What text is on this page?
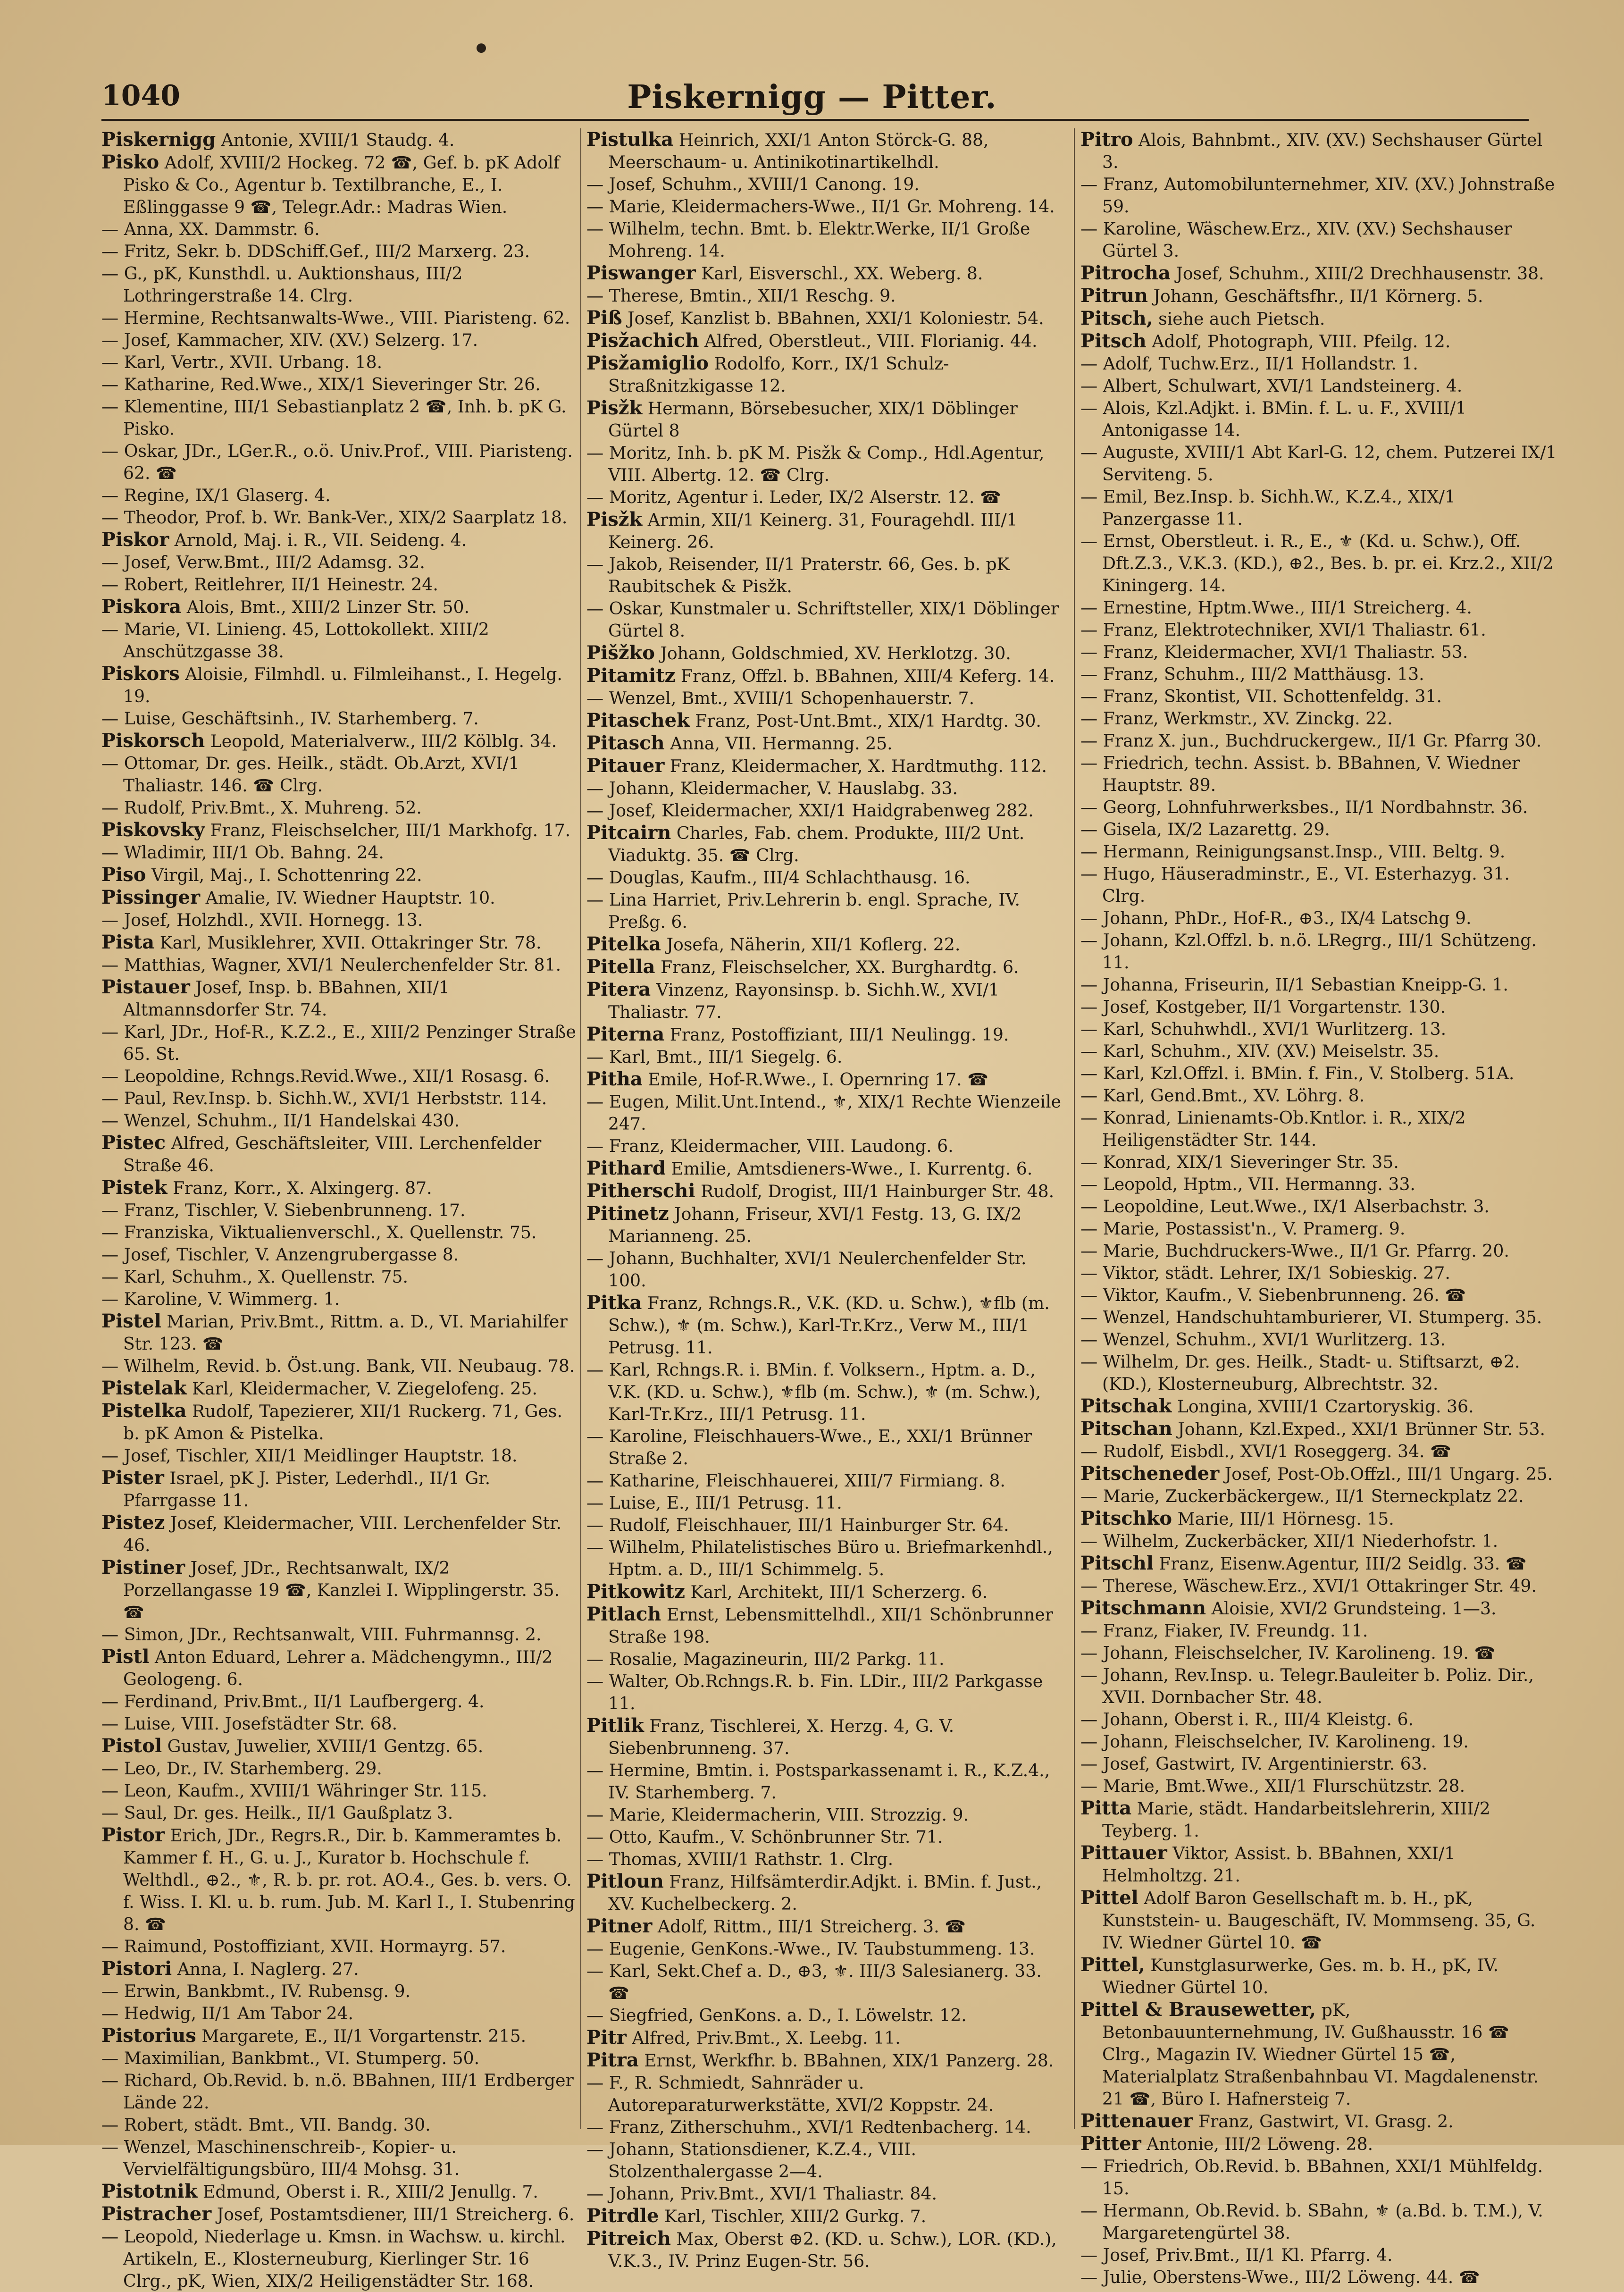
1040	Piskernigg — Pitter.

Piskernigg Antonie, XVIII/1 Staudg. 4.

Pisko Adolf, XVIII/2 Hockeg. 72 ☎, Gef. b. pK Adolf Pisko & Co., Agentur b. Textilbranche, E., I. Eßlinggasse 9 ☎, Telegr.Adr.: Madras Wien.

— Anna, XX. Dammstr. 6.

— Fritz, Sekr. b. DDSchiff.Gef., III/2 Marxerg. 23.

— G., pK, Kunsthdl. u. Auktionshaus, III/2 Lothringerstraße 14. Clrg.

— Hermine, Rechtsanwalts-Wwe., VIII. Piaristeng. 62.

— Josef, Kammacher, XIV. (XV.) Selzerg. 17.

— Karl, Vertr., XVII. Urbang. 18.

— Katharine, Red.Wwe., XIX/1 Sieveringer Str. 26.

— Klementine, III/1 Sebastianplatz 2 ☎, Inh. b. pK G. Pisko.

— Oskar, JDr., LGer.R., o.ö. Univ.Prof., VIII. Piaristeng. 62. ☎

— Regine, IX/1 Glaserg. 4.

— Theodor, Prof. b. Wr. Bank-Ver., XIX/2 Saarplatz 18.

Piskor Arnold, Maj. i. R., VII. Seideng. 4.

— Josef, Verw.Bmt., III/2 Adamsg. 32.

— Robert, Reitlehrer, II/1 Heinestr. 24.

Piskora Alois, Bmt., XIII/2 Linzer Str. 50.

— Marie, VI. Linieng. 45, Lottokollekt. XIII/2 Anschützgasse 38.

Piskors Aloisie, Filmhdl. u. Filmleihanst., I. Hegelg. 19.

— Luise, Geschäftsinh., IV. Starhemberg. 7.

Piskorsch Leopold, Materialverw., III/2 Kölblg. 34.

— Ottomar, Dr. ges. Heilk., städt. Ob.Arzt, XVI/1 Thaliastr. 146. ☎ Clrg.

— Rudolf, Priv.Bmt., X. Muhreng. 52.

Piskovsky Franz, Fleischselcher, III/1 Markhofg. 17.

— Wladimir, III/1 Ob. Bahng. 24.

Piso Virgil, Maj., I. Schottenring 22.

Pissinger Amalie, IV. Wiedner Hauptstr. 10.

— Josef, Holzhdl., XVII. Hornegg. 13.

Pista Karl, Musiklehrer, XVII. Ottakringer Str. 78.

— Matthias, Wagner, XVI/1 Neulerchenfelder Str. 81.

Pistauer Josef, Insp. b. BBahnen, XII/1 Altmannsdorfer Str. 74.

— Karl, JDr., Hof-R., K.Z.2., E., XIII/2 Penzinger Straße 65. St.

— Leopoldine, Rchngs.Revid.Wwe., XII/1 Rosasg. 6.

— Paul, Rev.Insp. b. Sichh.W., XVI/1 Herbststr. 114.

— Wenzel, Schuhm., II/1 Handelskai 430.

Pistec Alfred, Geschäftsleiter, VIII. Lerchenfelder Straße 46.

Pistek Franz, Korr., X. Alxingerg. 87.

— Franz, Tischler, V. Siebenbrunneng. 17.

— Franziska, Viktualienverschl., X. Quellenstr. 75.

— Josef, Tischler, V. Anzengrubergasse 8.

— Karl, Schuhm., X. Quellenstr. 75.

— Karoline, V. Wimmerg. 1.

Pistel Marian, Priv.Bmt., Rittm. a. D., VI. Mariahilfer Str. 123. ☎

— Wilhelm, Revid. b. Öst.ung. Bank, VII. Neubaug. 78.

Pistelak Karl, Kleidermacher, V. Ziegelofeng. 25.

Pistelka Rudolf, Tapezierer, XII/1 Ruckerg. 71, Ges. b. pK Amon & Pistelka.

— Josef, Tischler, XII/1 Meidlinger Hauptstr. 18.

Pister Israel, pK J. Pister, Lederhdl., II/1 Gr. Pfarrgasse 11.

Pistez Josef, Kleidermacher, VIII. Lerchenfelder Str. 46.

Pistiner Josef, JDr., Rechtsanwalt, IX/2 Porzellangasse 19 ☎, Kanzlei I. Wipplingerstr. 35. ☎

— Simon, JDr., Rechtsanwalt, VIII. Fuhrmannsg. 2.

Pistl Anton Eduard, Lehrer a. Mädchengymn., III/2 Geologeng. 6.

— Ferdinand, Priv.Bmt., II/1 Laufbergerg. 4.

— Luise, VIII. Josefstädter Str. 68.

Pistol Gustav, Juwelier, XVIII/1 Gentzg. 65.

— Leo, Dr., IV. Starhemberg. 29.

— Leon, Kaufm., XVIII/1 Währinger Str. 115.

— Saul, Dr. ges. Heilk., II/1 Gaußplatz 3.

Pistor Erich, JDr., Regrs.R., Dir. b. Kammeramtes b. Kammer f. H., G. u. J., Kurator b. Hochschule f. Welthdl., ⊕2., ⚜, R. b. pr. rot. AO.4., Ges. b. vers. O. f. Wiss. I. Kl. u. b. rum. Jub. M. Karl I., I. Stubenring 8. ☎

— Raimund, Postoffiziant, XVII. Hormayrg. 57.

Pistori Anna, I. Naglerg. 27.

— Erwin, Bankbmt., IV. Rubensg. 9.

— Hedwig, II/1 Am Tabor 24.

Pistorius Margarete, E., II/1 Vorgartenstr. 215.

— Maximilian, Bankbmt., VI. Stumperg. 50.

— Richard, Ob.Revid. b. n.ö. BBahnen, III/1 Erdberger Lände 22.

— Robert, städt. Bmt., VII. Bandg. 30.

— Wenzel, Maschinenschreib-, Kopier- u. Vervielfältigungsbüro, III/4 Mohsg. 31.

Pistotnik Edmund, Oberst i. R., XIII/2 Jenullg. 7.

Pistracher Josef, Postamtsdiener, III/1 Streicherg. 6.

— Leopold, Niederlage u. Kmsn. in Wachsw. u. kirchl. Artikeln, E., Klosterneuburg, Kierlinger Str. 16 Clrg., pK, Wien, XIX/2 Heiligenstädter Str. 168.

Pistulka Heinrich, XXI/1 Anton Störck-G. 88, Meerschaum- u. Antinikotinartikelhdl.

— Josef, Schuhm., XVIII/1 Canong. 19.

— Marie, Kleidermachers-Wwe., II/1 Gr. Mohreng. 14.

— Wilhelm, techn. Bmt. b. Elektr.Werke, II/1 Große Mohreng. 14.

Piswanger Karl, Eisverschl., XX. Weberg. 8.

— Therese, Bmtin., XII/1 Reschg. 9.

Piß Josef, Kanzlist b. BBahnen, XXI/1 Koloniestr. 54.

Pisžachich Alfred, Oberstleut., VIII. Florianig. 44.

Pisžamiglio Rodolfo, Korr., IX/1 Schulz-Straßnitzkigasse 12.

Pisžk Hermann, Börsebesucher, XIX/1 Döblinger Gürtel 8

— Moritz, Inh. b. pK M. Pisžk & Comp., Hdl.Agentur, VIII. Albertg. 12. ☎ Clrg.

— Moritz, Agentur i. Leder, IX/2 Alserstr. 12. ☎

Pisžk Armin, XII/1 Keinerg. 31, Fouragehdl. III/1 Keinerg. 26.

— Jakob, Reisender, II/1 Praterstr. 66, Ges. b. pK Raubitschek & Pisžk.

— Oskar, Kunstmaler u. Schriftsteller, XIX/1 Döblinger Gürtel 8.

Pišžko Johann, Goldschmied, XV. Herklotzg. 30.

Pitamitz Franz, Offzl. b. BBahnen, XIII/4 Keferg. 14.

— Wenzel, Bmt., XVIII/1 Schopenhauerstr. 7.

Pitaschek Franz, Post-Unt.Bmt., XIX/1 Hardtg. 30.

Pitasch Anna, VII. Hermanng. 25.

Pitauer Franz, Kleidermacher, X. Hardtmuthg. 112.

— Johann, Kleidermacher, V. Hauslabg. 33.

— Josef, Kleidermacher, XXI/1 Haidgrabenweg 282.

Pitcairn Charles, Fab. chem. Produkte, III/2 Unt. Viaduktg. 35. ☎ Clrg.

— Douglas, Kaufm., III/4 Schlachthausg. 16.

— Lina Harriet, Priv.Lehrerin b. engl. Sprache, IV. Preßg. 6.

Pitelka Josefa, Näherin, XII/1 Koflerg. 22.

Pitella Franz, Fleischselcher, XX. Burghardtg. 6.

Pitera Vinzenz, Rayonsinsp. b. Sichh.W., XVI/1 Thaliastr. 77.

Piterna Franz, Postoffiziant, III/1 Neulingg. 19.

— Karl, Bmt., III/1 Siegelg. 6.

Pitha Emile, Hof-R.Wwe., I. Opernring 17. ☎

— Eugen, Milit.Unt.Intend., ⚜, XIX/1 Rechte Wienzeile 247.

— Franz, Kleidermacher, VIII. Laudong. 6.

Pithard Emilie, Amtsdieners-Wwe., I. Kurrentg. 6.

Pitherschi Rudolf, Drogist, III/1 Hainburger Str. 48.

Pitinetz Johann, Friseur, XVI/1 Festg. 13, G. IX/2 Marianneng. 25.

— Johann, Buchhalter, XVI/1 Neulerchenfelder Str. 100.

Pitka Franz, Rchngs.R., V.K. (KD. u. Schw.), ⚜flb (m. Schw.), ⚜ (m. Schw.), Karl-Tr.Krz., Verw M., III/1 Petrusg. 11.

— Karl, Rchngs.R. i. BMin. f. Volksern., Hptm. a. D., V.K. (KD. u. Schw.), ⚜flb (m. Schw.), ⚜ (m. Schw.), Karl-Tr.Krz., III/1 Petrusg. 11.

— Karoline, Fleischhauers-Wwe., E., XXI/1 Brünner Straße 2.

— Katharine, Fleischhauerei, XIII/7 Firmiang. 8.

— Luise, E., III/1 Petrusg. 11.

— Rudolf, Fleischhauer, III/1 Hainburger Str. 64.

— Wilhelm, Philatelistisches Büro u. Briefmarkenhdl., Hptm. a. D., III/1 Schimmelg. 5.

Pitkowitz Karl, Architekt, III/1 Scherzerg. 6.

Pitlach Ernst, Lebensmittelhdl., XII/1 Schönbrunner Straße 198.

— Rosalie, Magazineurin, III/2 Parkg. 11.

— Walter, Ob.Rchngs.R. b. Fin. LDir., III/2 Parkgasse 11.

Pitlik Franz, Tischlerei, X. Herzg. 4, G. V. Siebenbrunneng. 37.

— Hermine, Bmtin. i. Postsparkassenamt i. R., K.Z.4., IV. Starhemberg. 7.

— Marie, Kleidermacherin, VIII. Strozzig. 9.

— Otto, Kaufm., V. Schönbrunner Str. 71.

— Thomas, XVIII/1 Rathstr. 1. Clrg.

Pitloun Franz, Hilfsämterdir.Adjkt. i. BMin. f. Just., XV. Kuchelbeckerg. 2.

Pitner Adolf, Rittm., III/1 Streicherg. 3. ☎

— Eugenie, GenKons.-Wwe., IV. Taubstummeng. 13.

— Karl, Sekt.Chef a. D., ⊕3, ⚜. III/3 Salesianerg. 33. ☎

— Siegfried, GenKons. a. D., I. Löwelstr. 12.

Pitr Alfred, Priv.Bmt., X. Leebg. 11.

Pitra Ernst, Werkfhr. b. BBahnen, XIX/1 Panzerg. 28.

— F., R. Schmiedt, Sahnräder u. Autoreparaturwerkstätte, XVI/2 Koppstr. 24.

— Franz, Zitherschuhm., XVI/1 Redtenbacherg. 14.

— Johann, Stationsdiener, K.Z.4., VIII. Stolzenthalergasse 2—4.

— Johann, Priv.Bmt., XVI/1 Thaliastr. 84.

Pitrdle Karl, Tischler, XIII/2 Gurkg. 7.

Pitreich Max, Oberst ⊕2. (KD. u. Schw.), LOR. (KD.), V.K.3., IV. Prinz Eugen-Str. 56.

Pitro Alois, Bahnbmt., XIV. (XV.) Sechshauser Gürtel 3.

— Franz, Automobilunternehmer, XIV. (XV.) Johnstraße 59.

— Karoline, Wäschew.Erz., XIV. (XV.) Sechshauser Gürtel 3.

Pitrocha Josef, Schuhm., XIII/2 Drechhausenstr. 38.

Pitrun Johann, Geschäftsfhr., II/1 Körnerg. 5.

Pitsch, siehe auch Pietsch.

Pitsch Adolf, Photograph, VIII. Pfeilg. 12.

— Adolf, Tuchw.Erz., II/1 Hollandstr. 1.

— Albert, Schulwart, XVI/1 Landsteinerg. 4.

— Alois, Kzl.Adjkt. i. BMin. f. L. u. F., XVIII/1 Antonigasse 14.

— Auguste, XVIII/1 Abt Karl-G. 12, chem. Putzerei IX/1 Serviteng. 5.

— Emil, Bez.Insp. b. Sichh.W., K.Z.4., XIX/1 Panzergasse 11.

— Ernst, Oberstleut. i. R., E., ⚜ (Kd. u. Schw.), Off. Dft.Z.3., V.K.3. (KD.), ⊕2., Bes. b. pr. ei. Krz.2., XII/2 Kiningerg. 14.

— Ernestine, Hptm.Wwe., III/1 Streicherg. 4.

— Franz, Elektrotechniker, XVI/1 Thaliastr. 61.

— Franz, Kleidermacher, XVI/1 Thaliastr. 53.

— Franz, Schuhm., III/2 Matthäusg. 13.

— Franz, Skontist, VII. Schottenfeldg. 31.

— Franz, Werkmstr., XV. Zinckg. 22.

— Franz X. jun., Buchdruckergew., II/1 Gr. Pfarrg 30.

— Friedrich, techn. Assist. b. BBahnen, V. Wiedner Hauptstr. 89.

— Georg, Lohnfuhrwerksbes., II/1 Nordbahnstr. 36.

— Gisela, IX/2 Lazarettg. 29.

— Hermann, Reinigungsanst.Insp., VIII. Beltg. 9.

— Hugo, Häuseradminstr., E., VI. Esterhazyg. 31. Clrg.

— Johann, PhDr., Hof-R., ⊕3., IX/4 Latschg 9.

— Johann, Kzl.Offzl. b. n.ö. LRegrg., III/1 Schützeng. 11.

— Johanna, Friseurin, II/1 Sebastian Kneipp-G. 1.

— Josef, Kostgeber, II/1 Vorgartenstr. 130.

— Karl, Schuhwhdl., XVI/1 Wurlitzerg. 13.

— Karl, Schuhm., XIV. (XV.) Meiselstr. 35.

— Karl, Kzl.Offzl. i. BMin. f. Fin., V. Stolberg. 51A.

— Karl, Gend.Bmt., XV. Löhrg. 8.

— Konrad, Linienamts-Ob.Kntlor. i. R., XIX/2 Heiligenstädter Str. 144.

— Konrad, XIX/1 Sieveringer Str. 35.

— Leopold, Hptm., VII. Hermanng. 33.

— Leopoldine, Leut.Wwe., IX/1 Alserbachstr. 3.

— Marie, Postassist'n., V. Pramerg. 9.

— Marie, Buchdruckers-Wwe., II/1 Gr. Pfarrg. 20.

— Viktor, städt. Lehrer, IX/1 Sobieskig. 27.

— Viktor, Kaufm., V. Siebenbrunneng. 26. ☎

— Wenzel, Handschuhtamburierer, VI. Stumperg. 35.

— Wenzel, Schuhm., XVI/1 Wurlitzerg. 13.

— Wilhelm, Dr. ges. Heilk., Stadt- u. Stiftsarzt, ⊕2. (KD.), Klosterneuburg, Albrechtstr. 32.

Pitschak Longina, XVIII/1 Czartoryskig. 36.

Pitschan Johann, Kzl.Exped., XXI/1 Brünner Str. 53.

— Rudolf, Eisbdl., XVI/1 Roseggerg. 34. ☎

Pitscheneder Josef, Post-Ob.Offzl., III/1 Ungarg. 25.

— Marie, Zuckerbäckergew., II/1 Sterneckplatz 22.

Pitschko Marie, III/1 Hörnesg. 15.

— Wilhelm, Zuckerbäcker, XII/1 Niederhofstr. 1.

Pitschl Franz, Eisenw.Agentur, III/2 Seidlg. 33. ☎

— Therese, Wäschew.Erz., XVI/1 Ottakringer Str. 49.

Pitschmann Aloisie, XVI/2 Grundsteing. 1—3.

— Franz, Fiaker, IV. Freundg. 11.

— Johann, Fleischselcher, IV. Karolineng. 19. ☎

— Johann, Rev.Insp. u. Telegr.Bauleiter b. Poliz. Dir., XVII. Dornbacher Str. 48.

— Johann, Oberst i. R., III/4 Kleistg. 6.

— Johann, Fleischselcher, IV. Karolineng. 19.

— Josef, Gastwirt, IV. Argentinierstr. 63.

— Marie, Bmt.Wwe., XII/1 Flurschützstr. 28.

Pitta Marie, städt. Handarbeitslehrerin, XIII/2 Teyberg. 1.

Pittauer Viktor, Assist. b. BBahnen, XXI/1 Helmholtzg. 21.

Pittel Adolf Baron Gesellschaft m. b. H., pK, Kunststein- u. Baugeschäft, IV. Mommseng. 35, G. IV. Wiedner Gürtel 10. ☎

Pittel, Kunstglasurwerke, Ges. m. b. H., pK, IV. Wiedner Gürtel 10.

Pittel & Brausewetter, pK, Betonbauunternehmung, IV. Gußhausstr. 16 ☎ Clrg., Magazin IV. Wiedner Gürtel 15 ☎, Materialplatz Straßenbahnbau VI. Magdalenenstr. 21 ☎, Büro I. Hafnersteig 7.

Pittenauer Franz, Gastwirt, VI. Grasg. 2.

Pitter Antonie, III/2 Löweng. 28.

— Friedrich, Ob.Revid. b. BBahnen, XXI/1 Mühlfeldg. 15.

— Hermann, Ob.Revid. b. SBahn, ⚜ (a.Bd. b. T.M.), V. Margaretengürtel 38.

— Josef, Priv.Bmt., II/1 Kl. Pfarrg. 4.

— Julie, Oberstens-Wwe., III/2 Löweng. 44. ☎
